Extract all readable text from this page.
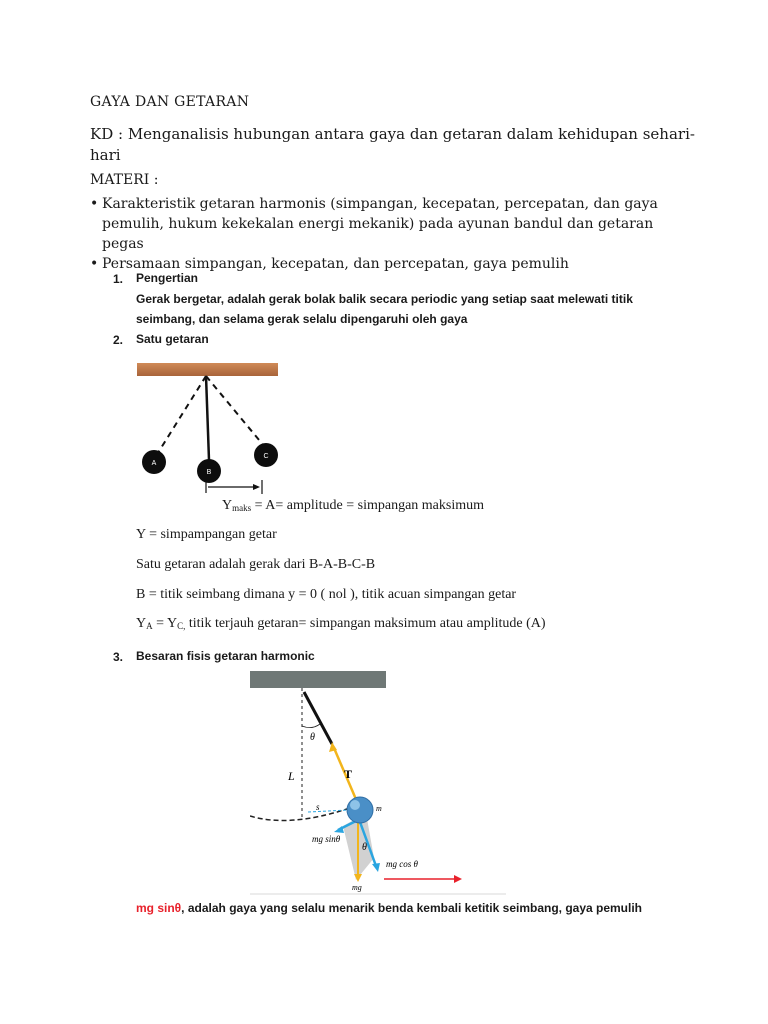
GAYA DAN GETARAN
KD : Menganalisis hubungan antara gaya dan getaran dalam kehidupan sehari-hari
MATERI :
• Karakteristik getaran harmonis (simpangan, kecepatan, percepatan, dan gaya pemulih, hukum kekekalan energi mekanik) pada ayunan bandul dan getaran pegas
• Persamaan simpangan, kecepatan, dan percepatan, gaya pemulih
1. Pengertian
Gerak bergetar, adalah gerak bolak balik secara periodic yang setiap saat melewati titik seimbang, dan selama gerak selalu dipengaruhi oleh gaya
2. Satu getaran
A
B
C
$Y_{maks} = A=$ amplitude = simpangan maksimum
Y = simpampangan getar
Satu getaran adalah gerak dari B-A-B-C-B
B = titik seimbang dimana y = 0 ( nol ), titik acuan simpangan getar
$Y_A = Y_{C,}$ titik terjauh getaran= simpangan maksimum atau amplitude (A)
3. Besaran fisis getaran harmonic
θ
L	T
s	m
mg sinθ
θ
mg cos θ
mg
mg sinθ, adalah gaya yang selalu menarik benda kembali ketitik seimbang, gaya pemulih
